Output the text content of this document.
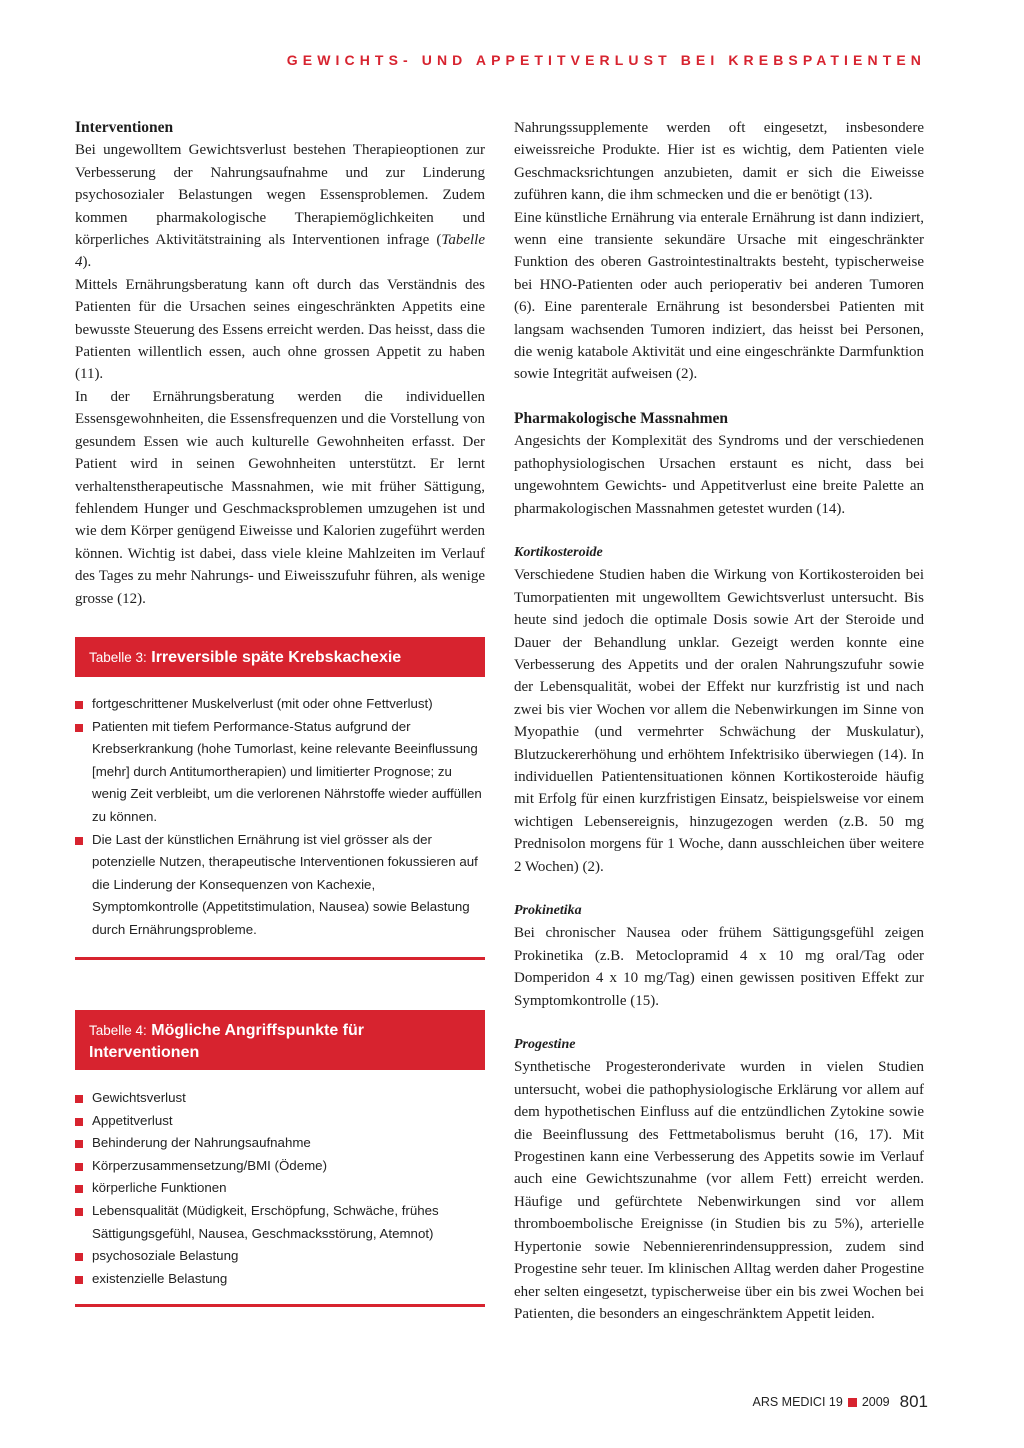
GEWICHTS- UND APPETITVERLUST BEI KREBSPATIENTEN
Interventionen

Bei ungewolltem Gewichtsverlust bestehen Therapieoptionen zur Verbesserung der Nahrungsaufnahme und zur Linderung psychosozialer Belastungen wegen Essensproblemen. Zudem kommen pharmakologische Therapiemöglichkeiten und körperliches Aktivitätstraining als Interventionen infrage (Tabelle 4).

Mittels Ernährungsberatung kann oft durch das Verständnis des Patienten für die Ursachen seines eingeschränkten Appetits eine bewusste Steuerung des Essens erreicht werden. Das heisst, dass die Patienten willentlich essen, auch ohne grossen Appetit zu haben (11).

In der Ernährungsberatung werden die individuellen Essensgewohnheiten, die Essensfrequenzen und die Vorstellung von gesundem Essen wie auch kulturelle Gewohnheiten erfasst. Der Patient wird in seinen Gewohnheiten unterstützt. Er lernt verhaltenstherapeutische Massnahmen, wie mit früher Sättigung, fehlendem Hunger und Geschmacksproblemen umzugehen ist und wie dem Körper genügend Eiweisse und Kalorien zugeführt werden können. Wichtig ist dabei, dass viele kleine Mahlzeiten im Verlauf des Tages zu mehr Nahrungs- und Eiweisszufuhr führen, als wenige grosse (12).

Tabelle 3: Irreversible späte Krebskachexie
fortgeschrittener Muskelverlust (mit oder ohne Fettverlust)
Patienten mit tiefem Performance-Status aufgrund der Krebserkrankung (hohe Tumorlast, keine relevante Beeinflussung [mehr] durch Antitumortherapien) und limitierter Prognose; zu wenig Zeit verbleibt, um die verlorenen Nährstoffe wieder auffüllen zu können.
Die Last der künstlichen Ernährung ist viel grösser als der potenzielle Nutzen, therapeutische Interventionen fokussieren auf die Linderung der Konsequenzen von Kachexie, Symptomkontrolle (Appetitstimulation, Nausea) sowie Belastung durch Ernährungsprobleme.
Tabelle 4: Mögliche Angriffspunkte für Interventionen
Gewichtsverlust
Appetitverlust
Behinderung der Nahrungsaufnahme
Körperzusammensetzung/BMI (Ödeme)
körperliche Funktionen
Lebensqualität (Müdigkeit, Erschöpfung, Schwäche, frühes Sättigungsgefühl, Nausea, Geschmacksstörung, Atemnot)
psychosoziale Belastung
existenzielle Belastung

Nahrungssupplemente werden oft eingesetzt, insbesondere eiweissreiche Produkte. Hier ist es wichtig, dem Patienten viele Geschmacksrichtungen anzubieten, damit er sich die Eiweisse zuführen kann, die ihm schmecken und die er benötigt (13).

Eine künstliche Ernährung via enterale Ernährung ist dann indiziert, wenn eine transiente sekundäre Ursache mit eingeschränkter Funktion des oberen Gastrointestinaltrakts besteht, typischerweise bei HNO-Patienten oder auch perioperativ bei anderen Tumoren (6). Eine parenterale Ernährung ist besondersbei Patienten mit langsam wachsenden Tumoren indiziert, das heisst bei Personen, die wenig katabole Aktivität und eine eingeschränkte Darmfunktion sowie Integrität aufweisen (2).

Pharmakologische Massnahmen

Angesichts der Komplexität des Syndroms und der verschiedenen pathophysiologischen Ursachen erstaunt es nicht, dass bei ungewohntem Gewichts- und Appetitverlust eine breite Palette an pharmakologischen Massnahmen getestet wurden (14).

Kortikosteroide

Verschiedene Studien haben die Wirkung von Kortikosteroiden bei Tumorpatienten mit ungewolltem Gewichtsverlust untersucht. Bis heute sind jedoch die optimale Dosis sowie Art der Steroide und Dauer der Behandlung unklar. Gezeigt werden konnte eine Verbesserung des Appetits und der oralen Nahrungszufuhr sowie der Lebensqualität, wobei der Effekt nur kurzfristig ist und nach zwei bis vier Wochen vor allem die Nebenwirkungen im Sinne von Myopathie (und vermehrter Schwächung der Muskulatur), Blutzuckererhöhung und erhöhtem Infektrisiko überwiegen (14). In individuellen Patientensituationen können Kortikosteroide häufig mit Erfolg für einen kurzfristigen Einsatz, beispielsweise vor einem wichtigen Lebensereignis, hinzugezogen werden (z.B. 50 mg Prednisolon morgens für 1 Woche, dann ausschleichen über weitere 2 Wochen) (2).

Prokinetika

Bei chronischer Nausea oder frühem Sättigungsgefühl zeigen Prokinetika (z.B. Metoclopramid 4 x 10 mg oral/Tag oder Domperidon 4 x 10 mg/Tag) einen gewissen positiven Effekt zur Symptomkontrolle (15).

Progestine

Synthetische Progesteronderivate wurden in vielen Studien untersucht, wobei die pathophysiologische Erklärung vor allem auf dem hypothetischen Einfluss auf die entzündlichen Zytokine sowie die Beeinflussung des Fettmetabolismus beruht (16, 17). Mit Progestinen kann eine Verbesserung des Appetits sowie im Verlauf auch eine Gewichtszunahme (vor allem Fett) erreicht werden. Häufige und gefürchtete Nebenwirkungen sind vor allem thromboembolische Ereignisse (in Studien bis zu 5%), arterielle Hypertonie sowie Nebennierenrindensuppression, zudem sind Progestine sehr teuer. Im klinischen Alltag werden daher Progestine eher selten eingesetzt, typischerweise über ein bis zwei Wochen bei Patienten, die besonders an eingeschränktem Appetit leiden.

ARS MEDICI 19 2009 801
